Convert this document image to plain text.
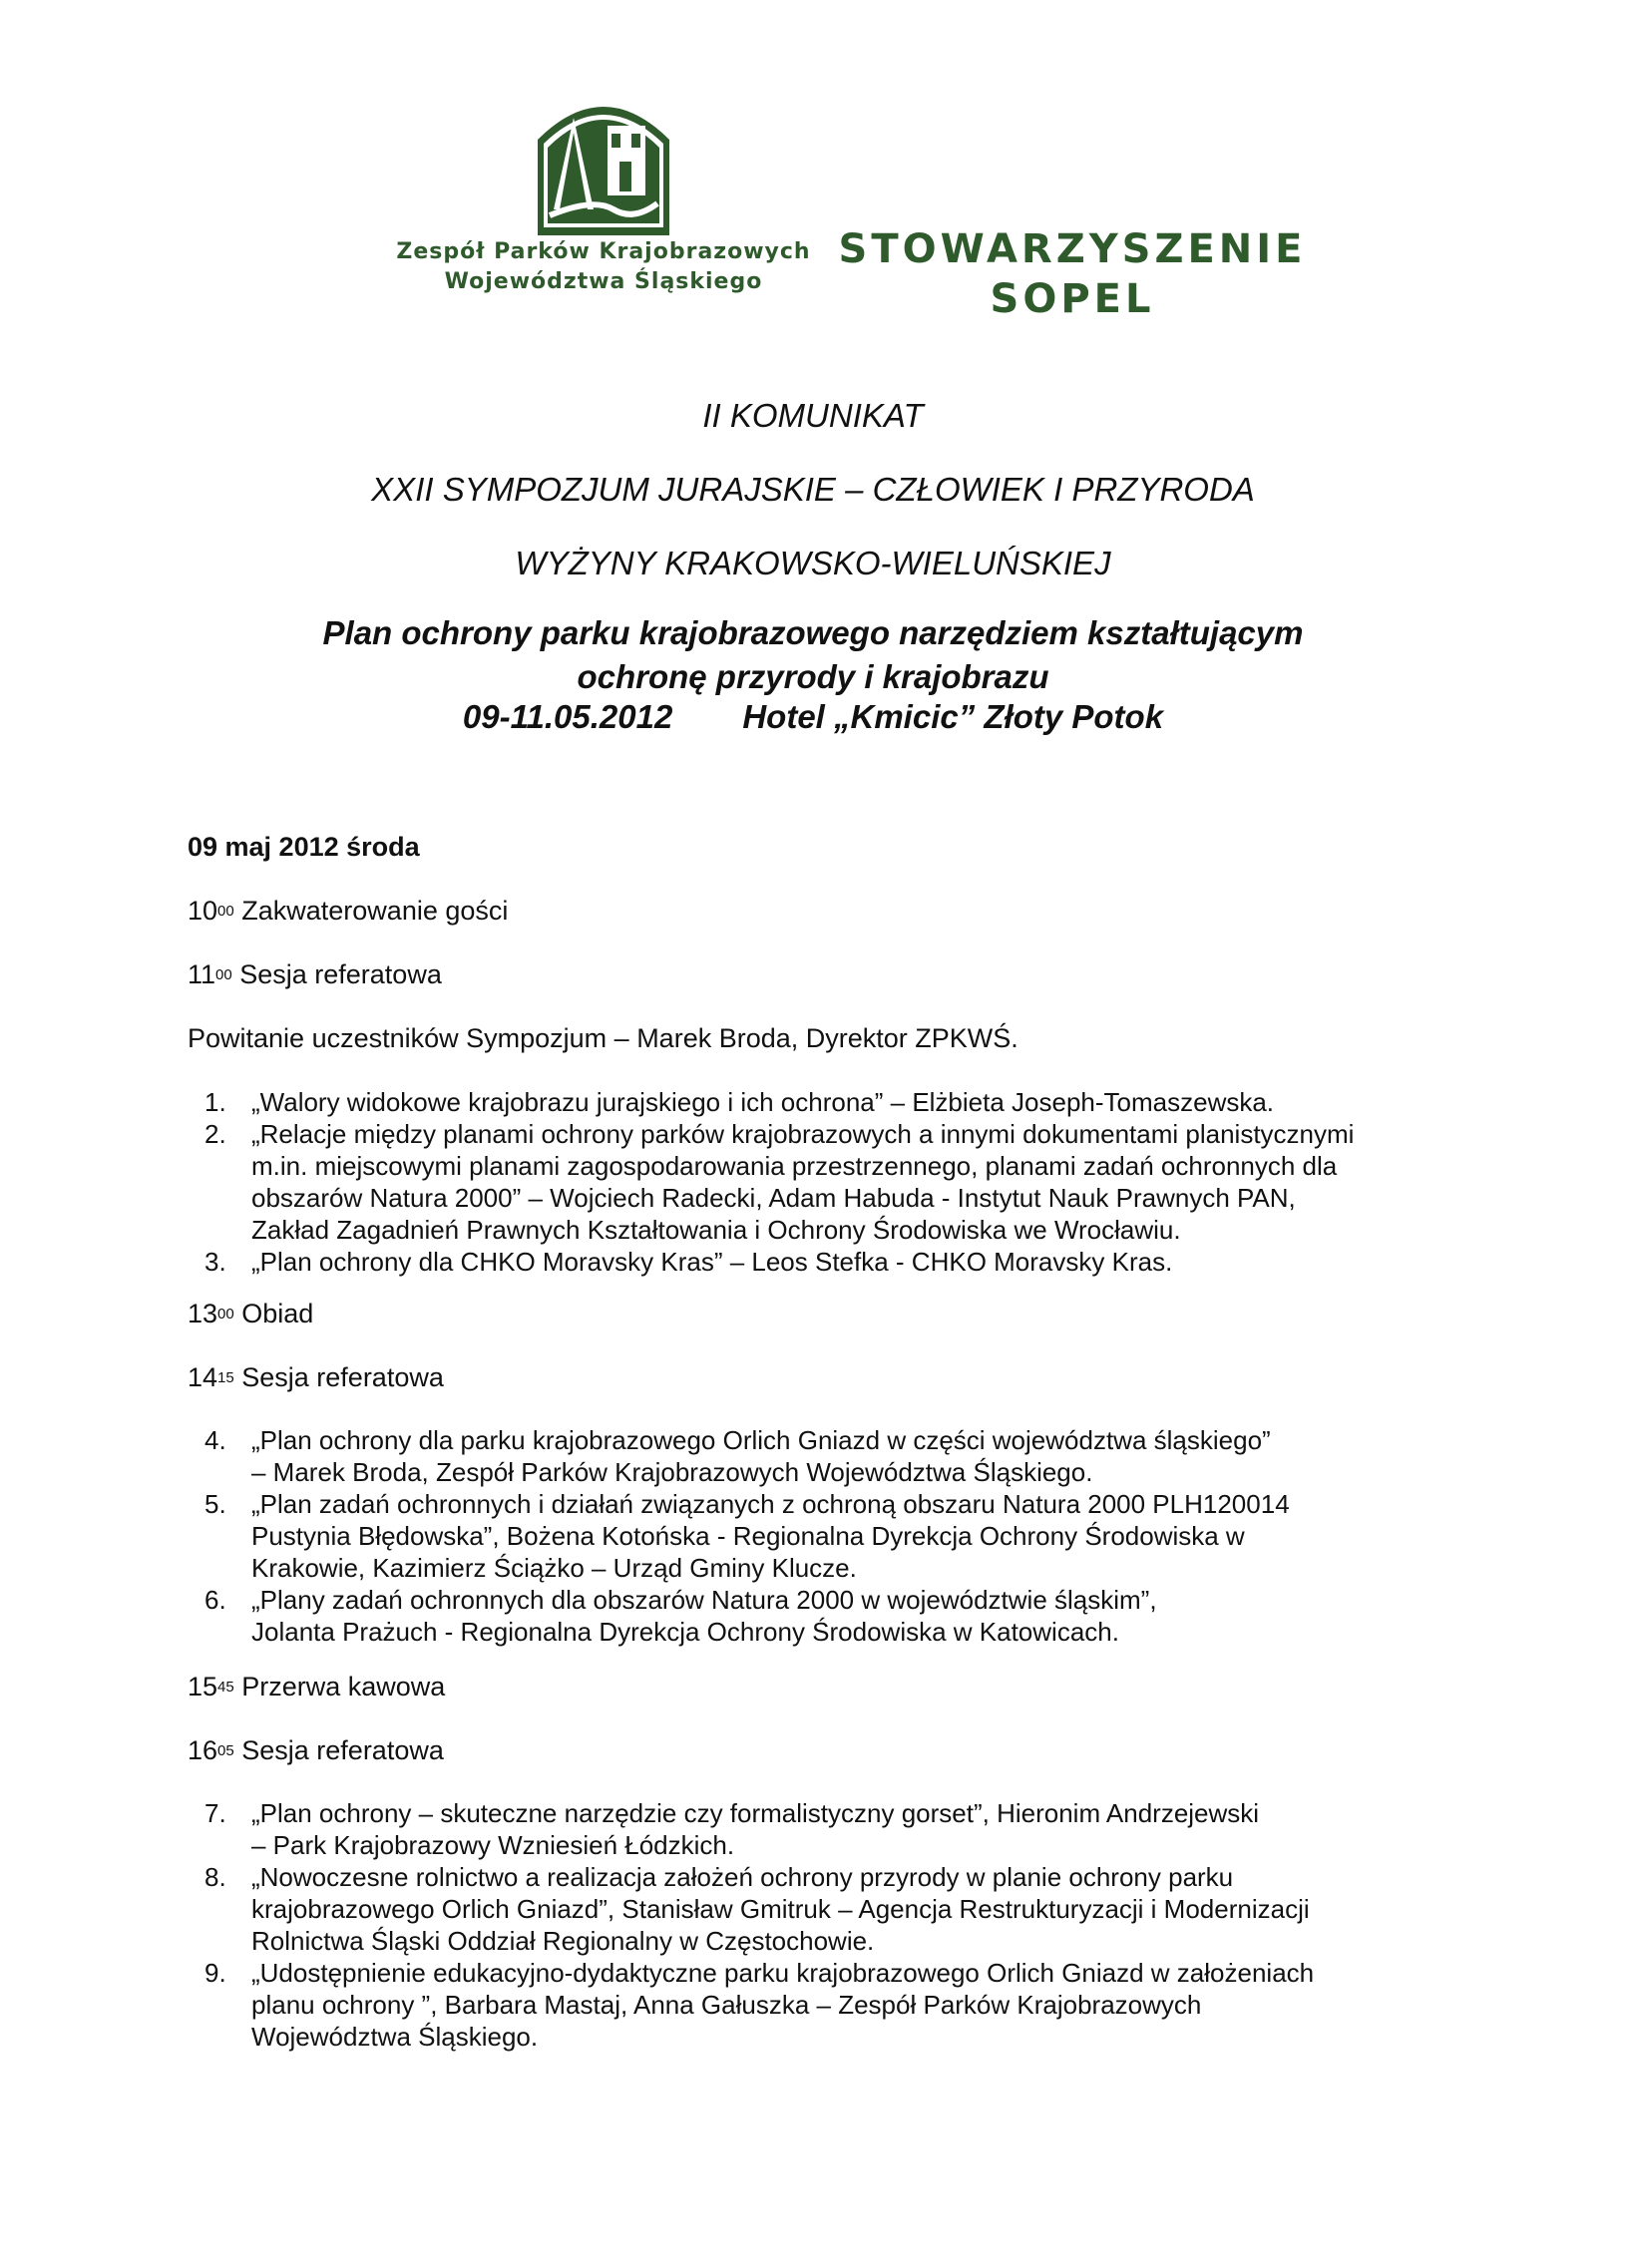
Zespół Parków Krajobrazowych
Województwa Śląskiego
STOWARZYSZENIE
SOPEL
II KOMUNIKAT
XXII SYMPOZJUM JURAJSKIE – CZŁOWIEK I PRZYRODA
WYŻYNY KRAKOWSKO-WIELUŃSKIEJ
Plan ochrony parku krajobrazowego narzędziem kształtującym
ochronę przyrody i krajobrazu
09-11.05.2012 Hotel „Kmicic” Złoty Potok
09 maj 2012 środa
$10^{00}$ Zakwaterowanie gości
$11^{00}$ Sesja referatowa
Powitanie uczestników Sympozjum – Marek Broda, Dyrektor ZPKWŚ.
1. „Walory widokowe krajobrazu jurajskiego i ich ochrona” – Elżbieta Joseph-Tomaszewska.
2. „Relacje między planami ochrony parków krajobrazowych a innymi dokumentami planistycznymi
m.in. miejscowymi planami zagospodarowania przestrzennego, planami zadań ochronnych dla
obszarów Natura 2000” – Wojciech Radecki, Adam Habuda - Instytut Nauk Prawnych PAN,
Zakład Zagadnień Prawnych Kształtowania i Ochrony Środowiska we Wrocławiu.
3. „Plan ochrony dla CHKO Moravsky Kras” – Leos Stefka - CHKO Moravsky Kras.
$13^{00}$ Obiad
$14^{15}$ Sesja referatowa
4. „Plan ochrony dla parku krajobrazowego Orlich Gniazd w części województwa śląskiego”
– Marek Broda, Zespół Parków Krajobrazowych Województwa Śląskiego.
5. „Plan zadań ochronnych i działań związanych z ochroną obszaru Natura 2000 PLH120014
Pustynia Błędowska”, Bożena Kotońska - Regionalna Dyrekcja Ochrony Środowiska w
Krakowie, Kazimierz Ściążko – Urząd Gminy Klucze.
6. „Plany zadań ochronnych dla obszarów Natura 2000 w województwie śląskim”,
Jolanta Prażuch - Regionalna Dyrekcja Ochrony Środowiska w Katowicach.
$15^{45}$ Przerwa kawowa
$16^{05}$ Sesja referatowa
7. „Plan ochrony – skuteczne narzędzie czy formalistyczny gorset”, Hieronim Andrzejewski
– Park Krajobrazowy Wzniesień Łódzkich.
8. „Nowoczesne rolnictwo a realizacja założeń ochrony przyrody w planie ochrony parku
krajobrazowego Orlich Gniazd”, Stanisław Gmitruk – Agencja Restrukturyzacji i Modernizacji
Rolnictwa Śląski Oddział Regionalny w Częstochowie.
9. „Udostępnienie edukacyjno-dydaktyczne parku krajobrazowego Orlich Gniazd w założeniach
planu ochrony ”, Barbara Mastaj, Anna Gałuszka – Zespół Parków Krajobrazowych
Województwa Śląskiego.
